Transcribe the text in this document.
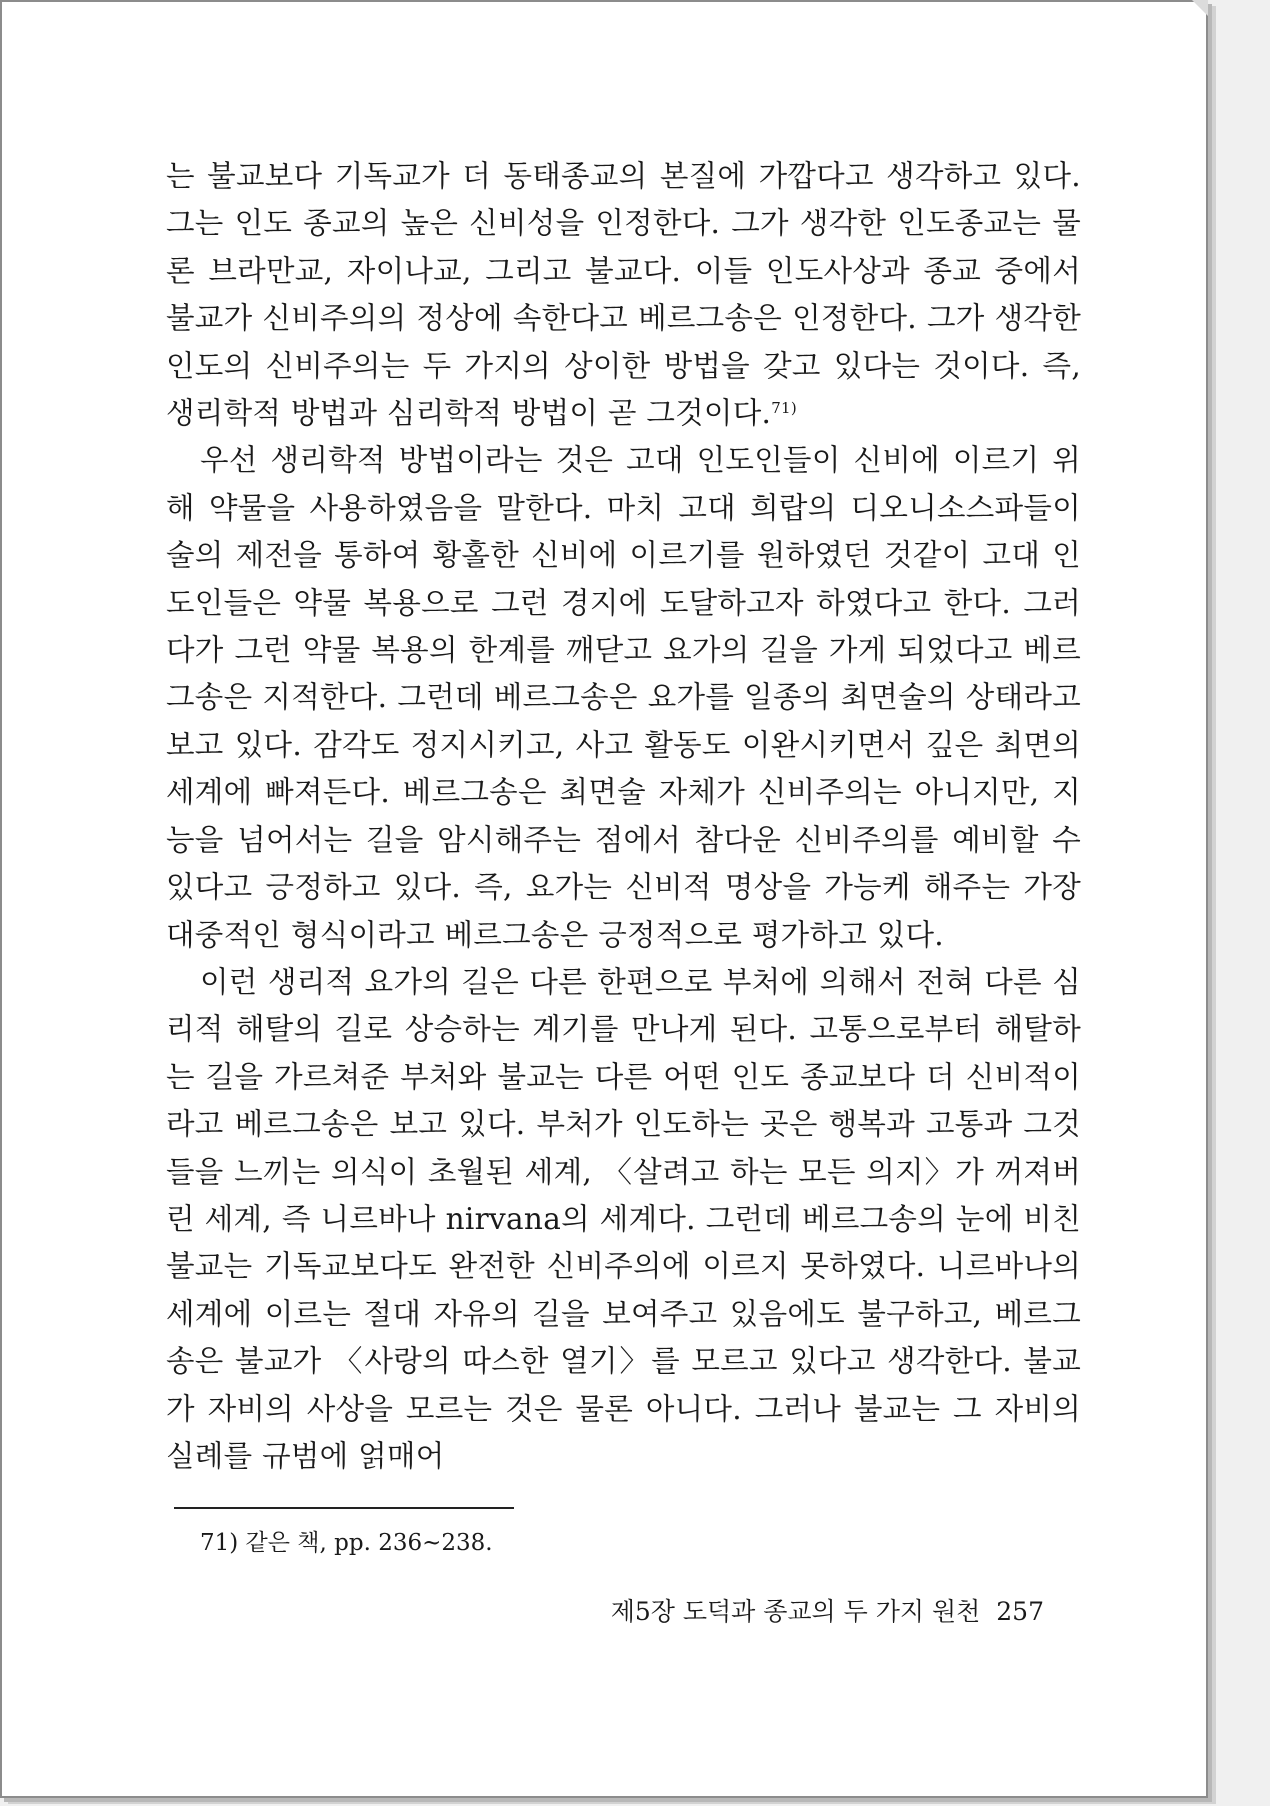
는 불교보다 기독교가 더 동태종교의 본질에 가깝다고 생각하고 있다. 그는 인도 종교의 높은 신비성을 인정한다. 그가 생각한 인도종교는 물론 브라만교, 자이나교, 그리고 불교다. 이들 인도사상과 종교 중에서 불교가 신비주의의 정상에 속한다고 베르그송은 인정한다. 그가 생각한 인도의 신비주의는 두 가지의 상이한 방법을 갖고 있다는 것이다. 즉, 생리학적 방법과 심리학적 방법이 곧 그것이다.$^{71)}$

우선 생리학적 방법이라는 것은 고대 인도인들이 신비에 이르기 위해 약물을 사용하였음을 말한다. 마치 고대 희랍의 디오니소스파들이 술의 제전을 통하여 황홀한 신비에 이르기를 원하였던 것같이 고대 인도인들은 약물 복용으로 그런 경지에 도달하고자 하였다고 한다. 그러다가 그런 약물 복용의 한계를 깨닫고 요가의 길을 가게 되었다고 베르그송은 지적한다. 그런데 베르그송은 요가를 일종의 최면술의 상태라고 보고 있다. 감각도 정지시키고, 사고 활동도 이완시키면서 깊은 최면의 세계에 빠져든다. 베르그송은 최면술 자체가 신비주의는 아니지만, 지능을 넘어서는 길을 암시해주는 점에서 참다운 신비주의를 예비할 수 있다고 긍정하고 있다. 즉, 요가는 신비적 명상을 가능케 해주는 가장 대중적인 형식이라고 베르그송은 긍정적으로 평가하고 있다.

이런 생리적 요가의 길은 다른 한편으로 부처에 의해서 전혀 다른 심리적 해탈의 길로 상승하는 계기를 만나게 된다. 고통으로부터 해탈하는 길을 가르쳐준 부처와 불교는 다른 어떤 인도 종교보다 더 신비적이라고 베르그송은 보고 있다. 부처가 인도하는 곳은 행복과 고통과 그것들을 느끼는 의식이 초월된 세계, 〈살려고 하는 모든 의지〉가 꺼져버린 세계, 즉 니르바나 nirvana의 세계다. 그런데 베르그송의 눈에 비친 불교는 기독교보다도 완전한 신비주의에 이르지 못하였다. 니르바나의 세계에 이르는 절대 자유의 길을 보여주고 있음에도 불구하고, 베르그송은 불교가 〈사랑의 따스한 열기〉를 모르고 있다고 생각한다. 불교가 자비의 사상을 모르는 것은 물론 아니다. 그러나 불교는 그 자비의 실례를 규범에 얽매어

71) 같은 책, pp. 236~238.
제5장 도덕과 종교의 두 가지 원천 257
